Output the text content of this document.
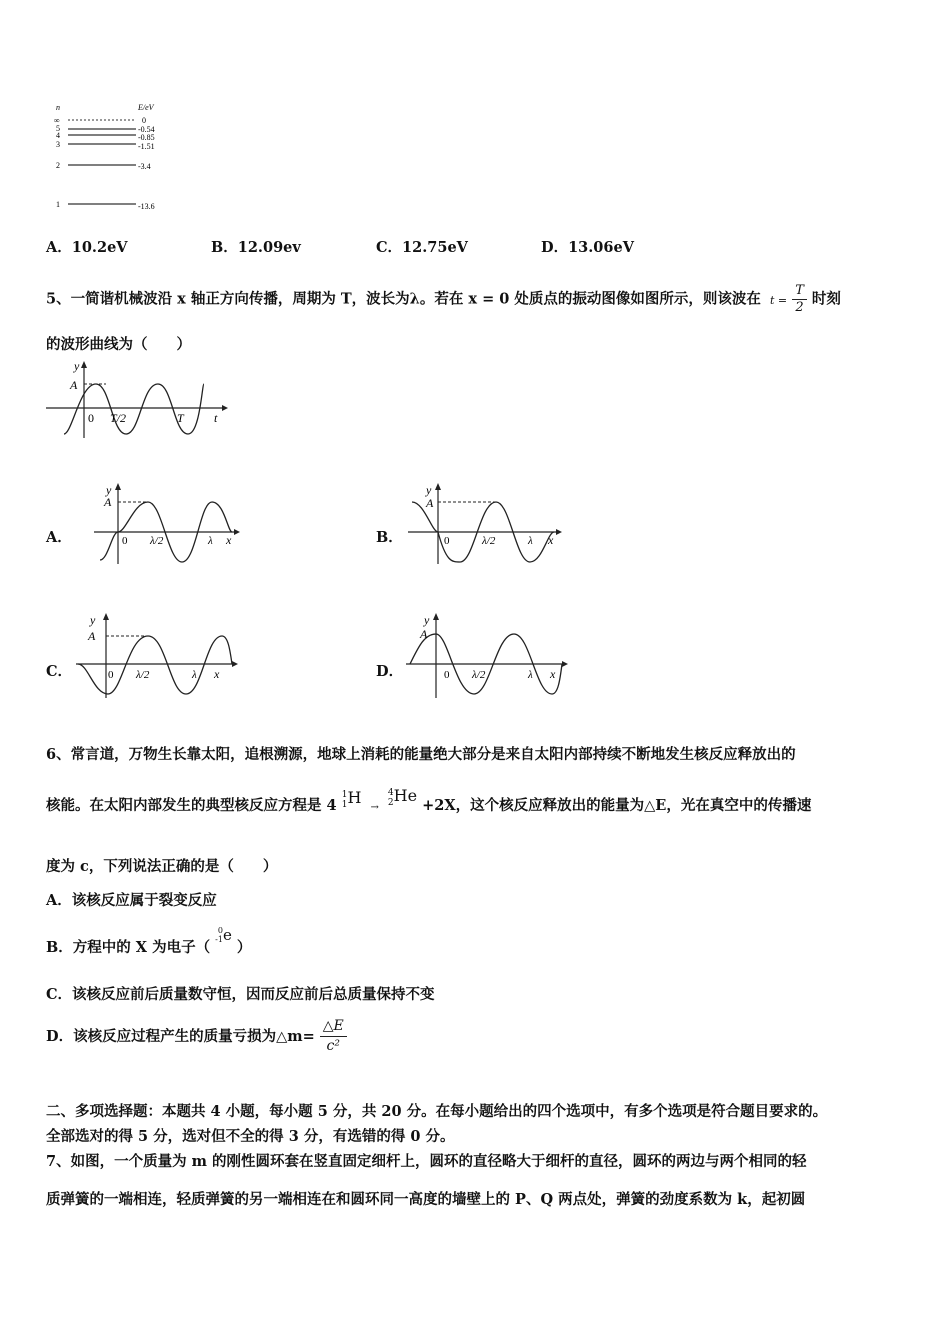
n	E/eV
∞	0
5	-0.54
4	-0.85
3	-1.51
2	-3.4
1	-13.6
A．10.2eV	B．12.09ev	C．12.75eV	D．13.06eV
5、一简谐机械波沿 x 轴正方向传播，周期为 T，波长为λ。若在 x = 0 处质点的振动图像如图所示，则该波在 $t = \frac{T}{2}$ 时刻
的波形曲线为（　　）
y
A
0 T/2	T	t
A．
y
A
0 λ/2	λ x	B．
y
A
0	λ/2	λ x
C．
y
A
0 λ/2	λ x	D．
y
A
0 λ/2	λ x
6、常言道，万物生长靠太阳，追根溯源，地球上消耗的能量绝大部分是来自太阳内部持续不断地发生核反应释放出的
核能。在太阳内部发生的典型核反应方程是 4
1
1 H
→
4
2 He
+2X，这个核反应释放出的能量为△E，光在真空中的传播速
度为 c，下列说法正确的是（　　）
A．该核反应属于裂变反应
B．方程中的 X 为电子（
0
-1 e
）
C．该核反应前后质量数守恒，因而反应前后总质量保持不变
D．该核反应过程产生的质量亏损为△m= $\frac{\triangle E}{\text{c²}}$
二、多项选择题：本题共 4 小题，每小题 5 分，共 20 分。在每小题给出的四个选项中，有多个选项是符合题目要求的。
全部选对的得 5 分，选对但不全的得 3 分，有选错的得 0 分。
7、如图，一个质量为 m 的刚性圆环套在竖直固定细杆上，圆环的直径略大于细杆的直径，圆环的两边与两个相同的轻
质弹簧的一端相连，轻质弹簧的另一端相连在和圆环同一高度的墙壁上的 P、Q 两点处，弹簧的劲度系数为 k，起初圆
